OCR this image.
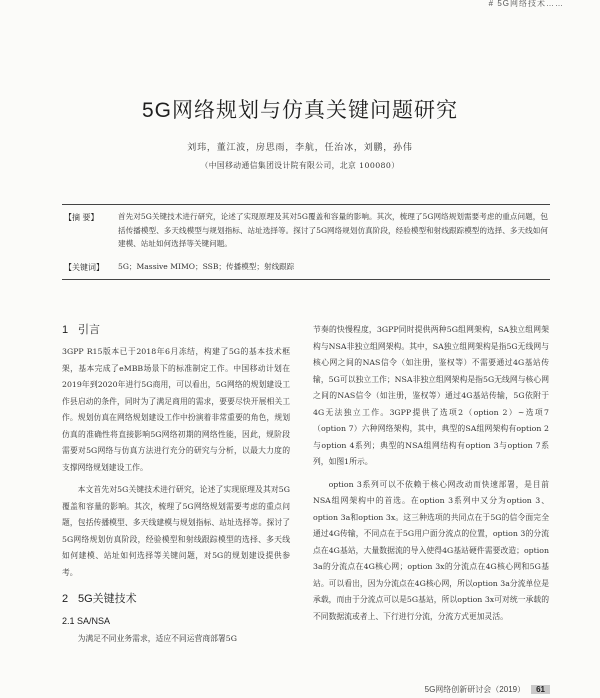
# 5G网络技术……
5G网络规划与仿真关键问题研究
刘玮，董江波，房思雨，李航，任治冰，刘鹏，孙伟
（中国移动通信集团设计院有限公司，北京 100080）
【摘 要】	首先对5G关键技术进行研究，论述了实现原理及其对5G覆盖和容量的影响。其次，梳理了5G网络规划需要考虑的重点问题，包括传播模型、多天线模型与规划指标、站址选择等。探讨了5G网络规划仿真阶段，经验模型和射线跟踪模型的选择、多天线如何建模、站址如何选择等关键问题。
【关键词】	5G；Massive MIMO；SSB；传播模型；射线跟踪
1 引言

3GPP R15版本已于2018年6月冻结，构建了5G的基本技术框架，基本完成了eMBB场景下的标准制定工作。中国移动计划在2019年到2020年进行5G商用，可以看出，5G网络的规划建设工作县启动的条件，同时为了满足商用的需求，要要尽快开展相关工作。规划仿真在网络规划建设工作中扮演着非常重要的角色，规划仿真的准确性将直接影响5G网络初期的网络性能，因此，规阶段需要对5G网络与仿真方法进行充分的研究与分析，以最大力度的支撑网络规划建设工作。

本文首先对5G关键技术进行研究，论述了实现原理及其对5G覆盖和容量的影响。其次，梳理了5G网络规划需要考虑的重点问题，包括传播模型、多天线建模与规划指标、站址选择等。探讨了5G网络规划仿真阶段，经验模型和射线跟踪模型的选择、多天线如何建模、站址如何选择等关键问题，对5G的规划建设提供参考。

2 5G关键技术
2.1 SA/NSA

为满足不同业务需求，适应不同运营商部署5G

节奏的快慢程度，3GPP同时提供两种5G组网架构，SA独立组网架构与NSA非独立组网架构。其中，SA独立组网架构是指5G无线网与核心网之间的NAS信令（如注册，鉴权等）不需要通过4G基站传输，5G可以独立工作；NSA非独立组网架构是指5G无线网与核心网之间的NAS信令（如注册，鉴权等）通过4G基站传输，5G依附于4G无法独立工作。3GPP提供了选项2（option 2）~选项7（option 7）六种网络架构，其中，典型的SA组网架构有option 2与option 4系列；典型的NSA组网结构有option 3与option 7系列，如图1所示。

option 3系列可以不依赖于核心网改动而快速部署，是目前NSA组网架构中的首选。在option 3系列中又分为option 3、option 3a和option 3x。这三种选项的共同点在于5G的信令面完全通过4G传输，不同点在于5G用户面分流点的位置，option 3的分流点在4G基站，大量数据流的导入使得4G基站硬件需要改造；option 3a的分流点在4G核心网；option 3x的分流点在4G核心网和5G基站。可以看出，因为分流点在4G核心网，所以option 3a分流单位是承载，而由于分流点可以是5G基站，所以option 3x可对统一承载的不同数据流或者上、下行进行分流，分流方式更加灵活。

5G网络创新研讨会（2019） 61
